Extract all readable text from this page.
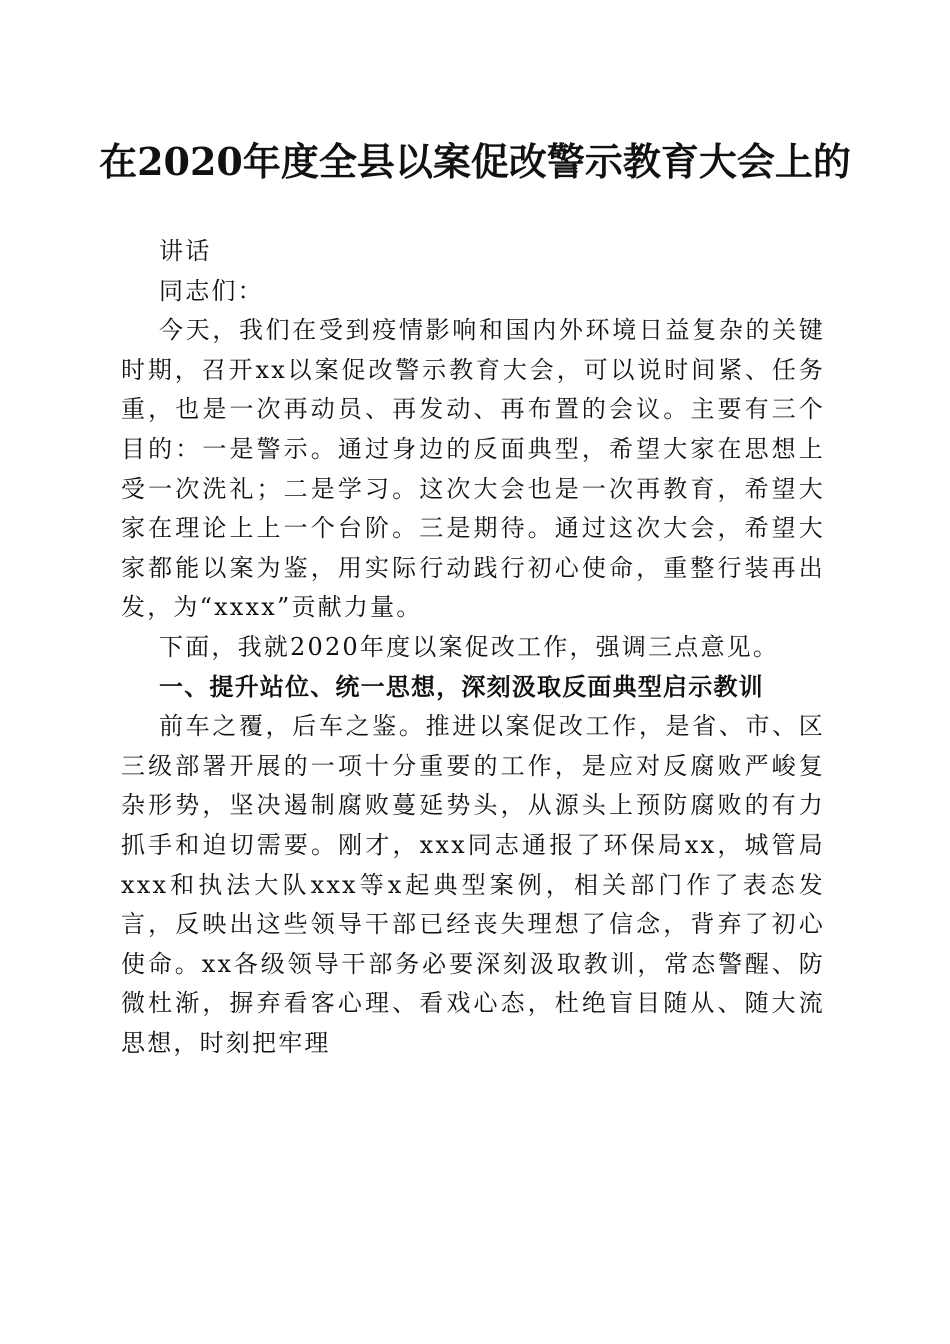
在2020年度全县以案促改警示教育大会上的

讲话

同志们：

今天，我们在受到疫情影响和国内外环境日益复杂的关键时期，召开xx以案促改警示教育大会，可以说时间紧、任务重，也是一次再动员、再发动、再布置的会议。主要有三个目的：一是警示。通过身边的反面典型，希望大家在思想上受一次洗礼；二是学习。这次大会也是一次再教育，希望大家在理论上上一个台阶。三是期待。通过这次大会，希望大家都能以案为鉴，用实际行动践行初心使命，重整行装再出发，为“xxxx”贡献力量。

下面，我就2020年度以案促改工作，强调三点意见。

一、提升站位、统一思想，深刻汲取反面典型启示教训

前车之覆，后车之鉴。推进以案促改工作，是省、市、区三级部署开展的一项十分重要的工作，是应对反腐败严峻复杂形势，坚决遏制腐败蔓延势头，从源头上预防腐败的有力抓手和迫切需要。刚才，xxx同志通报了环保局xx，城管局xxx和执法大队xxx等x起典型案例，相关部门作了表态发言，反映出这些领导干部已经丧失理想了信念，背弃了初心使命。xx各级领导干部务必要深刻汲取教训，常态警醒、防微杜渐，摒弃看客心理、看戏心态，杜绝盲目随从、随大流思想，时刻把牢理
